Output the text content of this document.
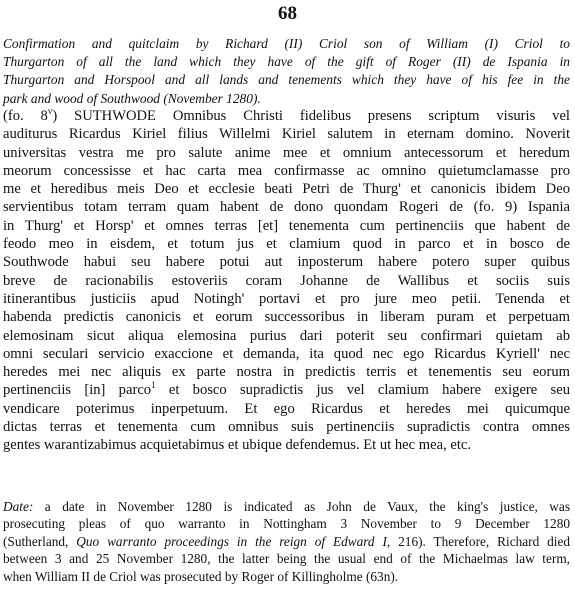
68
Confirmation and quitclaim by Richard (II) Criol son of William (I) Criol to
Thurgarton of all the land which they have of the gift of Roger (II) de Ispania in
Thurgarton and Horspool and all lands and tenements which they have of his fee in the
park and wood of Southwood (November 1280).
(fo. 8$^v$) SUTHWODE Omnibus Christi fidelibus presens scriptum visuris vel
auditurus Ricardus Kiriel filius Willelmi Kiriel salutem in eternam domino. Noverit
universitas vestra me pro salute anime mee et omnium antecessorum et heredum
meorum concessisse et hac carta mea confirmasse ac omnino quietumclamasse pro
me et heredibus meis Deo et ecclesie beati Petri de Thurg' et canonicis ibidem Deo
servientibus totam terram quam habent de dono quondam Rogeri de (fo. 9) Ispania
in Thurg' et Horsp' et omnes terras [et] tenementa cum pertinenciis que habent de
feodo meo in eisdem, et totum jus et clamium quod in parco et in bosco de
Southwode habui seu habere potui aut inposterum habere potero super quibus
breve de racionabilis estoveriis coram Johanne de Wallibus et sociis suis
itinerantibus justiciis apud Notingh' portavi et pro jure meo petii. Tenenda et
habenda predictis canonicis et eorum successoribus in liberam puram et perpetuam
elemosinam sicut aliqua elemosina purius dari poterit seu confirmari quietam ab
omni seculari servicio exaccione et demanda, ita quod nec ego Ricardus Kyriell' nec
heredes mei nec aliquis ex parte nostra in predictis terris et tenementis seu eorum
pertinenciis [in] parco$^1$ et bosco supradictis jus vel clamium habere exigere seu
vendicare poterimus inperpetuum. Et ego Ricardus et heredes mei quicumque
dictas terras et tenementa cum omnibus suis pertinenciis supradictis contra omnes
gentes warantizabimus acquietabimus et ubique defendemus. Et ut hec mea, etc.
Date: a date in November 1280 is indicated as John de Vaux, the king's justice, was
prosecuting pleas of quo warranto in Nottingham 3 November to 9 December 1280
(Sutherland, Quo warranto proceedings in the reign of Edward I, 216). Therefore, Richard died
between 3 and 25 November 1280, the latter being the usual end of the Michaelmas law term,
when William II de Criol was prosecuted by Roger of Killingholme (63n).
